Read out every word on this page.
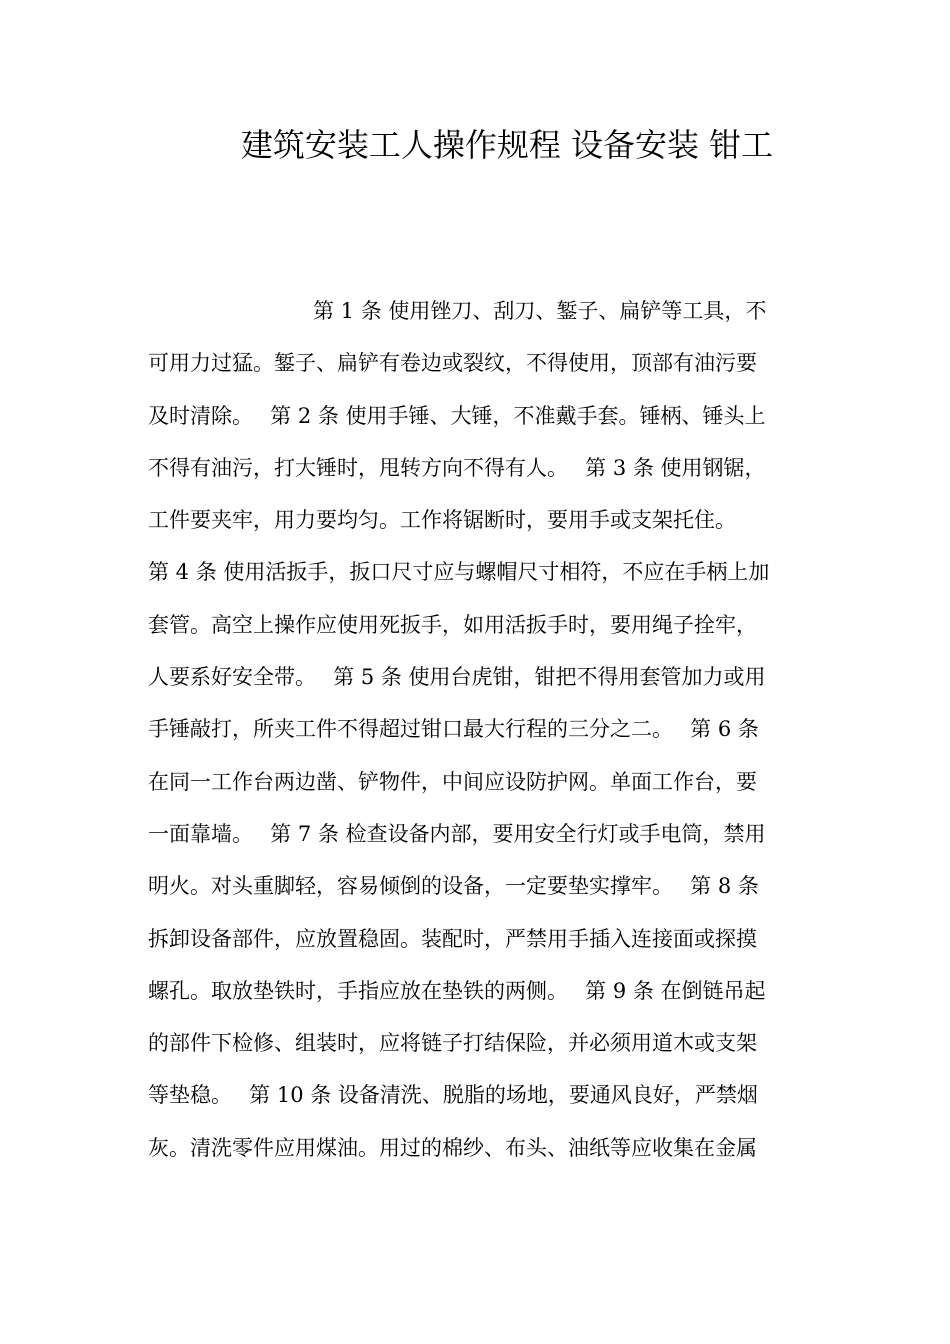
建筑安装工人操作规程 设备安装 钳工
第 1 条 使用锉刀、刮刀、錾子、扁铲等工具，不
可用力过猛。錾子、扁铲有卷边或裂纹，不得使用，顶部有油污要
及时清除。　 第 2 条 使用手锤、大锤，不准戴手套。锤柄、锤头上
不得有油污，打大锤时，甩转方向不得有人。　 第 3 条 使用钢锯，
工件要夹牢，用力要均匀。工作将锯断时，要用手或支架托住。
第 4 条 使用活扳手，扳口尺寸应与螺帽尺寸相符，不应在手柄上加
套管。高空上操作应使用死扳手，如用活扳手时，要用绳子拴牢，
人要系好安全带。　 第 5 条 使用台虎钳，钳把不得用套管加力或用
手锤敲打，所夹工件不得超过钳口最大行程的三分之二。　 第 6 条
在同一工作台两边凿、铲物件，中间应设防护网。单面工作台，要
一面靠墙。　 第 7 条 检查设备内部，要用安全行灯或手电筒，禁用
明火。对头重脚轻，容易倾倒的设备，一定要垫实撑牢。　 第 8 条
拆卸设备部件，应放置稳固。装配时，严禁用手插入连接面或探摸
螺孔。取放垫铁时，手指应放在垫铁的两侧。　 第 9 条 在倒链吊起
的部件下检修、组装时，应将链子打结保险，并必须用道木或支架
等垫稳。　 第 10 条 设备清洗、脱脂的场地，要通风良好，严禁烟
灰。清洗零件应用煤油。用过的棉纱、布头、油纸等应收集在金属
